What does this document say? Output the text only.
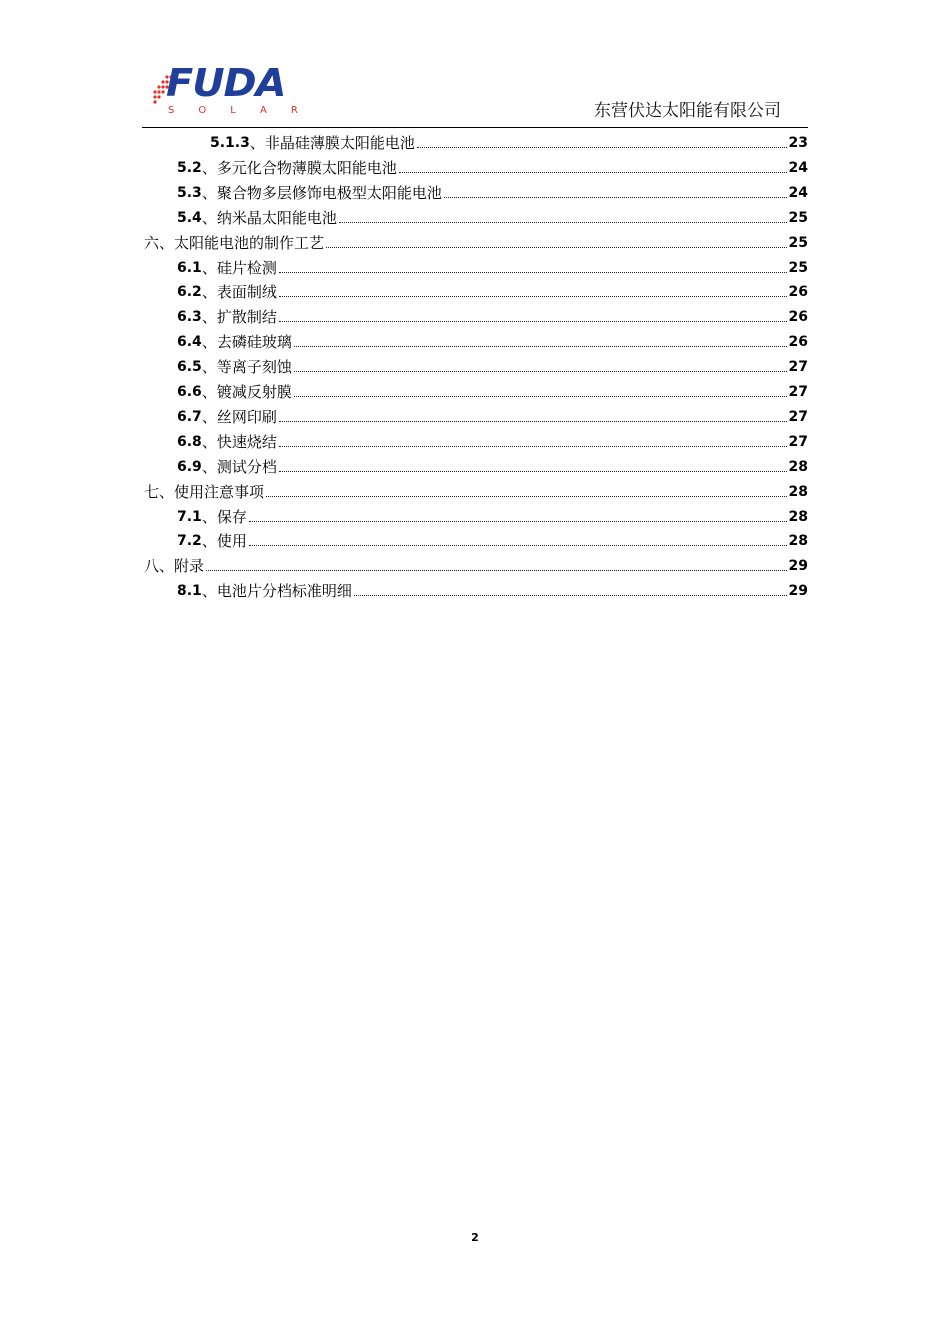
FUDA
SOLAR	东营伏达太阳能有限公司
5.1.3 、 非晶硅薄膜太阳能电池	23
5.2 、 多元化合物薄膜太阳能电池	24
5.3 、 聚合物多层修饰电极型太阳能电池	24
5.4 、 纳米晶太阳能电池	25
六 、 太阳能电池的制作工艺	25
6.1 、 硅片检测	25
6.2 、 表面制绒	26
6.3 、 扩散制结	26
6.4 、 去磷硅玻璃	26
6.5 、 等离子刻蚀	27
6.6 、 镀减反射膜	27
6.7 、 丝网印刷	27
6.8 、 快速烧结	27
6.9 、 测试分档	28
七 、 使用注意事项	28
7.1 、 保存	28
7.2 、 使用	28
八 、 附录	29
8.1 、 电池片分档标准明细	29
2
